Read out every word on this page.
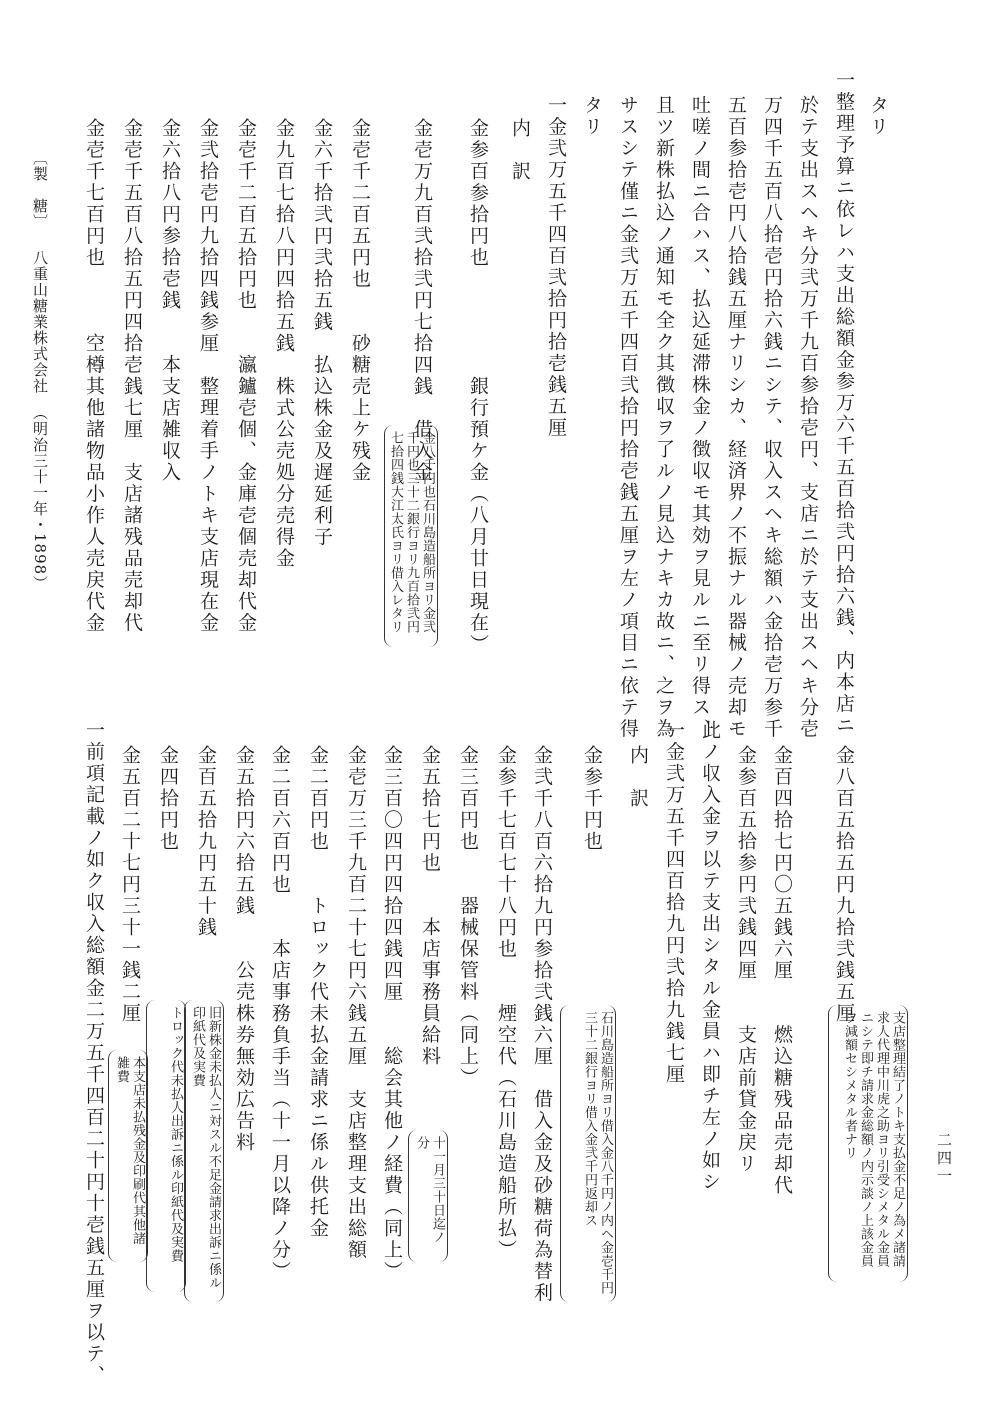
二四一
〔製　糖〕
八重山糖業株式会社
（明治三十一年・1898）
タリ
一整理予算ニ依レハ支出総額金参万六千五百拾弐円拾六銭、内本店ニ
於テ支出スヘキ分弐万千九百参拾壱円、支店ニ於テ支出スヘキ分壱
万四千五百八拾壱円拾六銭ニシテ、収入スヘキ総額ハ金拾壱万参千
五百参拾壱円八拾銭五厘ナリシカ、経済界ノ不振ナル器械ノ売却モ
吐嗟ノ間ニ合ハス、払込延滞株金ノ徴収モ其効ヲ見ルニ至リ得ス、
且ツ新株払込ノ通知モ全ク其徴収ヲ了ルノ見込ナキカ故ニ、之ヲ為
サスシテ僅ニ金弐万五千四百弐拾円拾壱銭五厘ヲ左ノ項目ニ依テ得
タリ
一金弐万五千四百弐拾円拾壱銭五厘
内　訳
金参百参拾円也　　　　　銀行預ケ金（八月廿日現在）
金壱万九百弐拾弐円七拾四銭　借入金
金八千円也石川島造船所ヨリ金弐千円也三十二銀行ヨリ九百拾弐円七拾四銭大江太氏ヨリ借入レタリ
金壱千二百五円也　　砂糖売上ケ残金
金六千拾弐円弐拾五銭　払込株金及遅延利子
金九百七拾八円四拾五銭　株式公売処分売得金
金壱千二百五拾円也　　瀛鑪壱個、金庫壱個売却代金
金弐拾壱円九拾四銭参厘　整理着手ノトキ支店現在金
金六拾八円参拾壱銭　　本支店雑収入
金壱千五百八拾五円四拾壱銭七厘　支店諸残品売却代
金壱千七百円也　　　空樽其他諸物品小作人売戻代金
金八百五拾五円九拾弐銭五厘
支店整理結了ノトキ支払金不足ノ為メ諸請求人代理中川虎之助ヨリ引受シメタル金員ニシテ即チ請求金総額ノ内示談ノ上該金員ヲ減額セシメタル者ナリ
金百四拾七円〇五銭六厘　　燃込糖残品売却代
金参百五拾参円弐銭四厘　　支店前貸金戻リ
此ノ収入金ヲ以テ支出シタル金員ハ即チ左ノ如シ
一金弐万五千四百拾九円弐拾九銭七厘
内　訳
金参千円也
石川島造船所ヨリ借入金八千円ノ内ヘ金壱千円三十二銀行ヨリ借入金弐千円返却ス
金弐千八百六拾九円参拾弐銭六厘　借入金及砂糖荷為替利
金参千七百七十八円也　　煙空代（石川島造船所払）
金三百円也　　器械保管料（同上）
金五拾七円也　　本店事務員給料
十一月三十日迄ノ分
金三百〇四円四拾四銭四厘　　総会其他ノ経費（同上）
金壱万三千九百二十七円六銭五厘　支店整理支出総額
金二百円也　　トロック代未払金請求ニ係ル供托金
金二百六百円也　　本店事務負手当（十一月以降ノ分）
金五拾円六拾五銭　　公売株券無効広告料
旧新株金未払人ニ対スル不足金請求出訴ニ係ル印紙代及実費
金百五拾九円五十銭
トロック代未払人出訴ニ係ル印紙代及実費
金四拾円也
本支店未払残金及印刷代其他諸雑費
金五百二十七円三十一銭二厘
一前項記載ノ如ク収入総額金二万五千四百二十円十壱銭五厘ヲ以テ、
